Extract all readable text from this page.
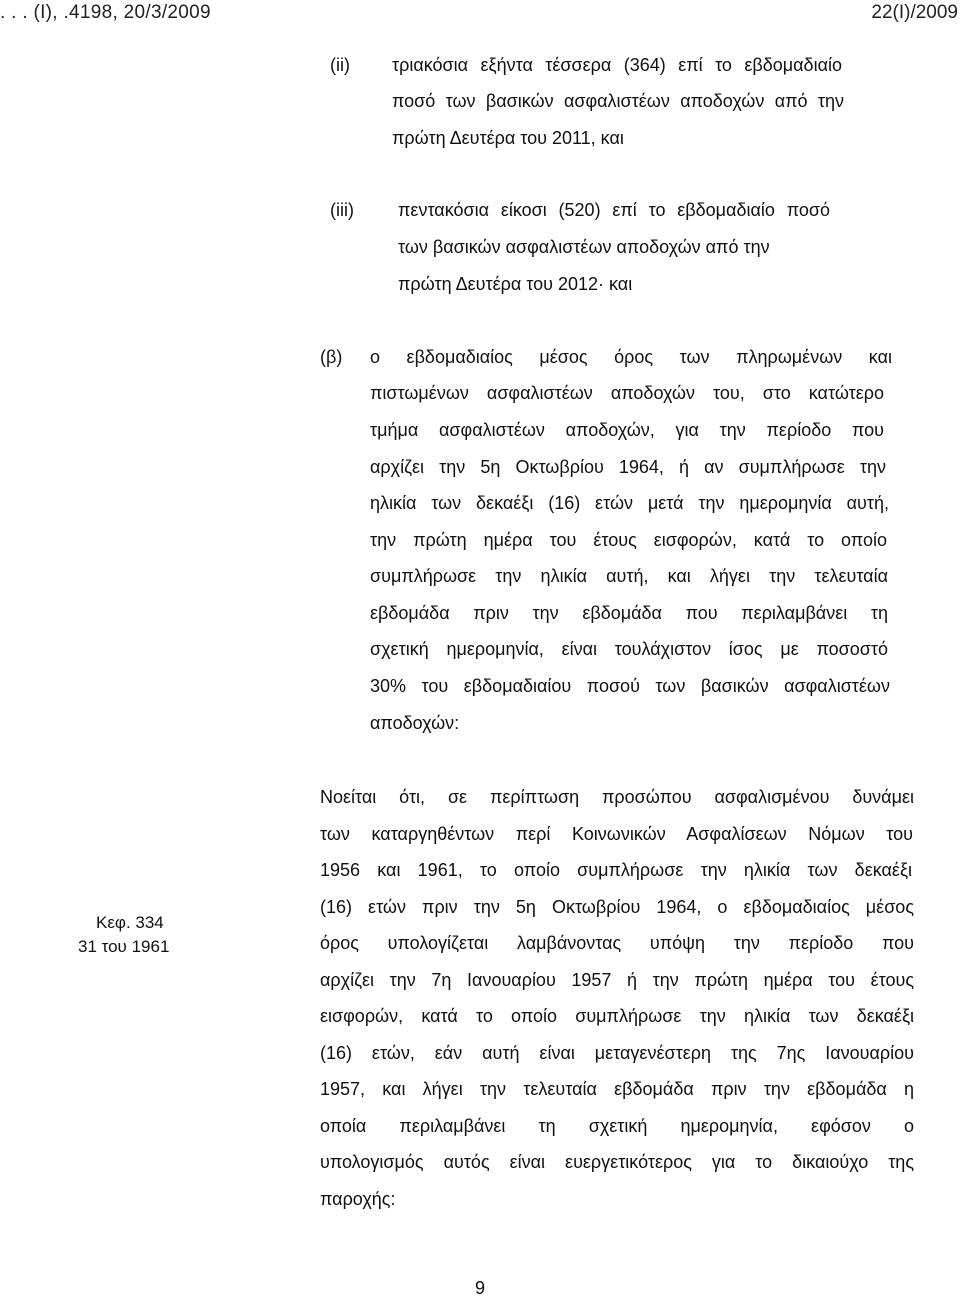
. . . (Ι), .4198, 20/3/2009	22(Ι)/2009
(ii) τριακόσια εξήντα τέσσερα (364) επί το εβδομαδιαίο
ποσό των βασικών ασφαλιστέων αποδοχών από την
πρώτη Δευτέρα του 2011, και
(iii) πεντακόσια είκοσι (520) επί το εβδομαδιαίο ποσό
των βασικών ασφαλιστέων αποδοχών από την
πρώτη Δευτέρα του 2012· και
(β) ο εβδομαδιαίος μέσος όρος των πληρωμένων και
πιστωμένων ασφαλιστέων αποδοχών του, στο κατώτερο
τμήμα ασφαλιστέων αποδοχών, για την περίοδο που
αρχίζει την 5η Οκτωβρίου 1964, ή αν συμπλήρωσε την
ηλικία των δεκαέξι (16) ετών μετά την ημερομηνία αυτή,
την πρώτη ημέρα του έτους εισφορών, κατά το οποίο
συμπλήρωσε την ηλικία αυτή, και λήγει την τελευταία
εβδομάδα πριν την εβδομάδα που περιλαμβάνει τη
σχετική ημερομηνία, είναι τουλάχιστον ίσος με ποσοστό
30% του εβδομαδιαίου ποσού των βασικών ασφαλιστέων
αποδοχών:
Κεφ. 334
31 του 1961
Νοείται ότι, σε περίπτωση προσώπου ασφαλισμένου δυνάμει
των καταργηθέντων περί Κοινωνικών Ασφαλίσεων Νόμων του
1956 και 1961, το οποίο συμπλήρωσε την ηλικία των δεκαέξι
(16) ετών πριν την 5η Οκτωβρίου 1964, ο εβδομαδιαίος μέσος
όρος υπολογίζεται λαμβάνοντας υπόψη την περίοδο που
αρχίζει την 7η Ιανουαρίου 1957 ή την πρώτη ημέρα του έτους
εισφορών, κατά το οποίο συμπλήρωσε την ηλικία των δεκαέξι
(16) ετών, εάν αυτή είναι μεταγενέστερη της 7ης Ιανουαρίου
1957, και λήγει την τελευταία εβδομάδα πριν την εβδομάδα η
οποία περιλαμβάνει τη σχετική ημερομηνία, εφόσον ο
υπολογισμός αυτός είναι ευεργετικότερος για το δικαιούχο της
παροχής:
9
